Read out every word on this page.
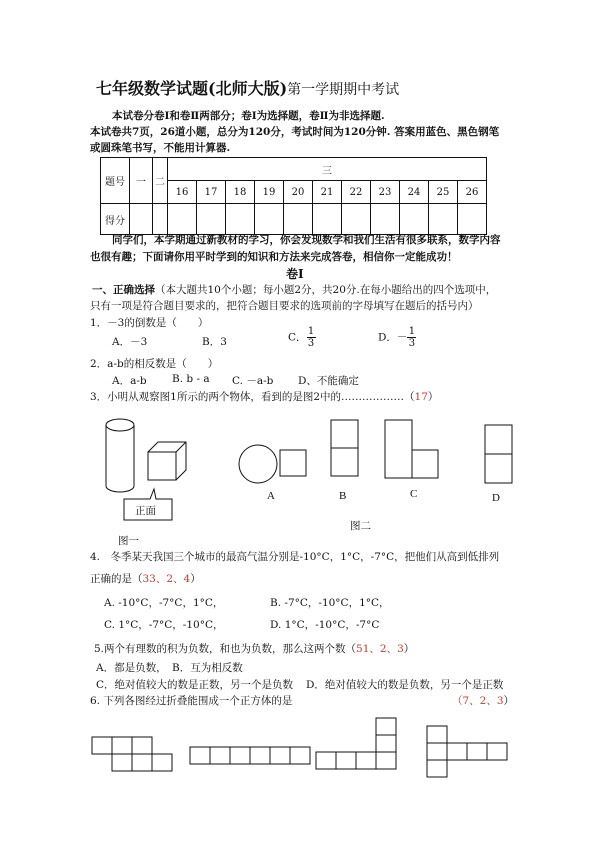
七年级数学试题(北师大版)第一学期期中考试
本试卷分卷Ⅰ和卷Ⅱ两部分；卷Ⅰ为选择题，卷Ⅱ为非选择题.
本试卷共7页，26道小题，总分为120分，考试时间为120分钟. 答案用蓝色、黑色钢笔
或圆珠笔书写，不能用计算器.
题号	一	二	三										
			16	17	18	19	20	21	22	23	24	25	26
得分													
同学们，本学期通过新教材的学习，你会发现数学和我们生活有很多联系，数学内容
也很有趣；下面请你用平时学到的知识和方法来完成答卷，相信你一定能成功！
卷Ⅰ
一、正确选择（本大题共10个小题；每小题2分，共20分.在每小题给出的四个选项中，
只有一项是符合题目要求的，把符合题目要求的选项前的字母填写在题后的括号内）
1．－3的倒数是（　　）
A．－3	B．3	C． $\frac{1}{3}$	D．－ $\frac{1}{3}$
2．a-b的相反数是（　　）
A．a-b B. b - a C. －a-b D、不能确定
3．小明从观察图1所示的两个物体，看到的是图2中的………………（17）
正面
A	B	C	D
图二
图一
4.　冬季某天我国三个城市的最高气温分别是-10°C，1°C，-7°C，把他们从高到低排列
正确的是（33、2、4）
A. -10°C，-7°C，1°C，	B. -7°C，-10°C，1°C，
C. 1°C，-7°C，-10°C，	D. 1°C，-10°C，-7°C
5.两个有理数的积为负数，和也为负数，那么这两个数（51、2、3）
A．都是负数， B．互为相反数
C．绝对值较大的数是正数，另一个是负数 D．绝对值较大的数是负数，另一个是正数
6. 下列各图经过折叠能围成一个正方体的是	（7、2、3）
